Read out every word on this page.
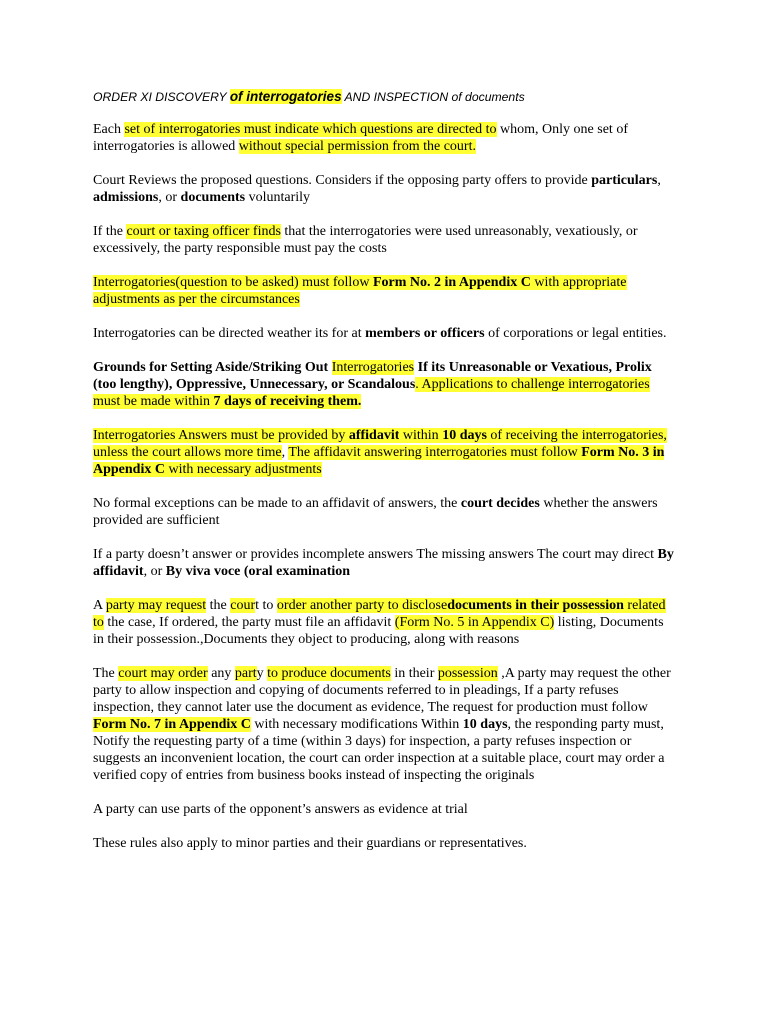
ORDER XI DISCOVERY of interrogatories AND INSPECTION of documents

Each set of interrogatories must indicate which questions are directed to whom, Only one set of interrogatories is allowed without special permission from the court.

Court Reviews the proposed questions. Considers if the opposing party offers to provide particulars, admissions, or documents voluntarily

If the court or taxing officer finds that the interrogatories were used unreasonably, vexatiously, or excessively, the party responsible must pay the costs

Interrogatories(question to be asked) must follow Form No. 2 in Appendix C with appropriate adjustments as per the circumstances

Interrogatories can be directed weather its for at members or officers of corporations or legal entities.

Grounds for Setting Aside/Striking Out Interrogatories If its Unreasonable or Vexatious, Prolix (too lengthy), Oppressive, Unnecessary, or Scandalous. Applications to challenge interrogatories must be made within 7 days of receiving them.

Interrogatories Answers must be provided by affidavit within 10 days of receiving the interrogatories, unless the court allows more time, The affidavit answering interrogatories must follow Form No. 3 in Appendix C with necessary adjustments

No formal exceptions can be made to an affidavit of answers, the court decides whether the answers provided are sufficient

If a party doesn’t answer or provides incomplete answers The missing answers The court may direct By affidavit, or By viva voce (oral examination

A party may request the court to order another party to disclosedocuments in their possession related to the case, If ordered, the party must file an affidavit (Form No. 5 in Appendix C) listing, Documents in their possession.,Documents they object to producing, along with reasons

The court may order any party to produce documents in their possession ,A party may request the other party to allow inspection and copying of documents referred to in pleadings, If a party refuses inspection, they cannot later use the document as evidence, The request for production must follow Form No. 7 in Appendix C with necessary modifications Within 10 days, the responding party must, Notify the requesting party of a time (within 3 days) for inspection, a party refuses inspection or suggests an inconvenient location, the court can order inspection at a suitable place, court may order a verified copy of entries from business books instead of inspecting the originals

A party can use parts of the opponent’s answers as evidence at trial

These rules also apply to minor parties and their guardians or representatives.
